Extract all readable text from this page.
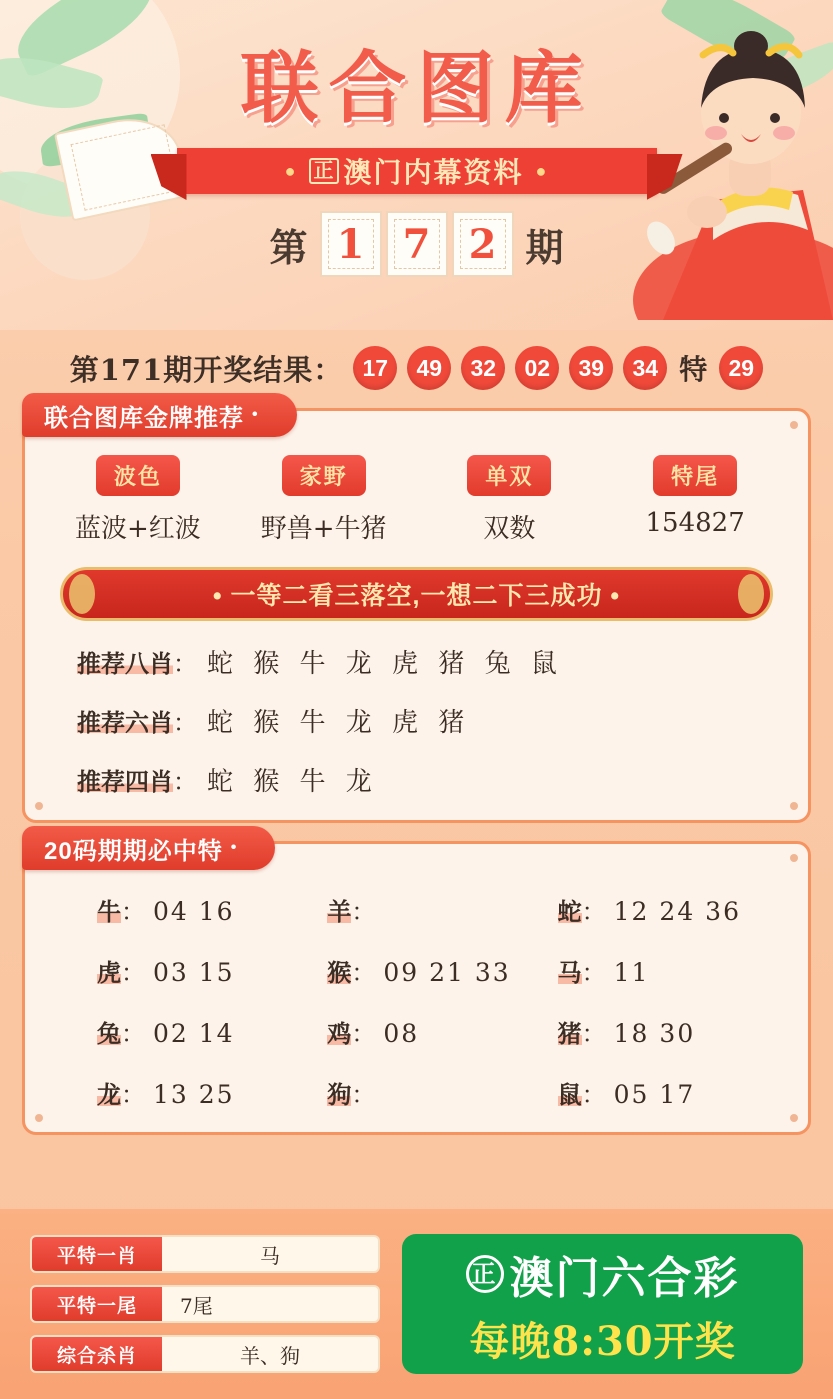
联合图库
● 正 澳门内幕资料 ●
第 1 7 2 期
第171期开奖结果： 17	49	32	02	39	34 特 29
联合图库金牌推荐 •
波色
蓝波+红波
家野
野兽+牛猪
单双
双数
特尾
154827
• 一等二看三落空,一想二下三成功 •
推荐八肖 ： 蛇 猴 牛 龙 虎 猪 兔 鼠
推荐六肖 ： 蛇 猴 牛 龙 虎 猪
推荐四肖 ： 蛇 猴 牛 龙
20码期期必中特 •
牛 ： 04 16	羊 ：	蛇 ： 12 24 36
虎 ： 03 15	猴 ： 09 21 33 马 ： 11
兔 ： 02 14	鸡 ： 08	猪 ： 18 30
龙 ： 13 25	狗 ：	鼠 ： 05 17
平特一肖	马
平特一尾	7尾
综合杀肖	羊、狗
正 澳门六合彩
每晚8:30开奖
